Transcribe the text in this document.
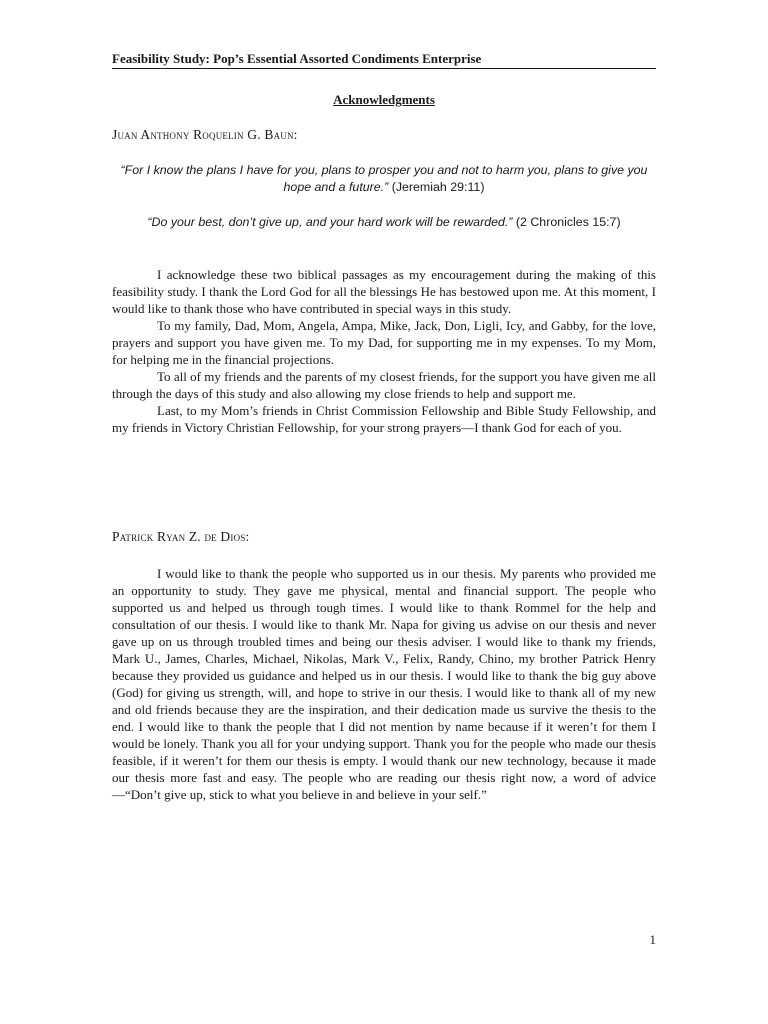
Feasibility Study: Pop’s Essential Assorted Condiments Enterprise
Acknowledgments
Juan Anthony Roquelin G. Baun:
“For I know the plans I have for you, plans to prosper you and not to harm you, plans to give you hope and a future.” (Jeremiah 29:11)
“Do your best, don’t give up, and your hard work will be rewarded.” (2 Chronicles 15:7)

I acknowledge these two biblical passages as my encouragement during the making of this feasibility study. I thank the Lord God for all the blessings He has bestowed upon me. At this moment, I would like to thank those who have contributed in special ways in this study.

To my family, Dad, Mom, Angela, Ampa, Mike, Jack, Don, Ligli, Icy, and Gabby, for the love, prayers and support you have given me. To my Dad, for supporting me in my expenses. To my Mom, for helping me in the financial projections.

To all of my friends and the parents of my closest friends, for the support you have given me all through the days of this study and also allowing my close friends to help and support me.

Last, to my Mom’s friends in Christ Commission Fellowship and Bible Study Fellowship, and my friends in Victory Christian Fellowship, for your strong prayers—I thank God for each of you.

Patrick Ryan Z. de Dios:

I would like to thank the people who supported us in our thesis. My parents who provided me an opportunity to study. They gave me physical, mental and financial support. The people who supported us and helped us through tough times. I would like to thank Rommel for the help and consultation of our thesis. I would like to thank Mr. Napa for giving us advise on our thesis and never gave up on us through troubled times and being our thesis adviser. I would like to thank my friends, Mark U., James, Charles, Michael, Nikolas, Mark V., Felix, Randy, Chino, my brother Patrick Henry because they provided us guidance and helped us in our thesis. I would like to thank the big guy above (God) for giving us strength, will, and hope to strive in our thesis. I would like to thank all of my new and old friends because they are the inspiration, and their dedication made us survive the thesis to the end. I would like to thank the people that I did not mention by name because if it weren’t for them I would be lonely. Thank you all for your undying support. Thank you for the people who made our thesis feasible, if it weren’t for them our thesis is empty. I would thank our new technology, because it made our thesis more fast and easy. The people who are reading our thesis right now, a word of advice—“Don’t give up, stick to what you believe in and believe in your self.”

1
